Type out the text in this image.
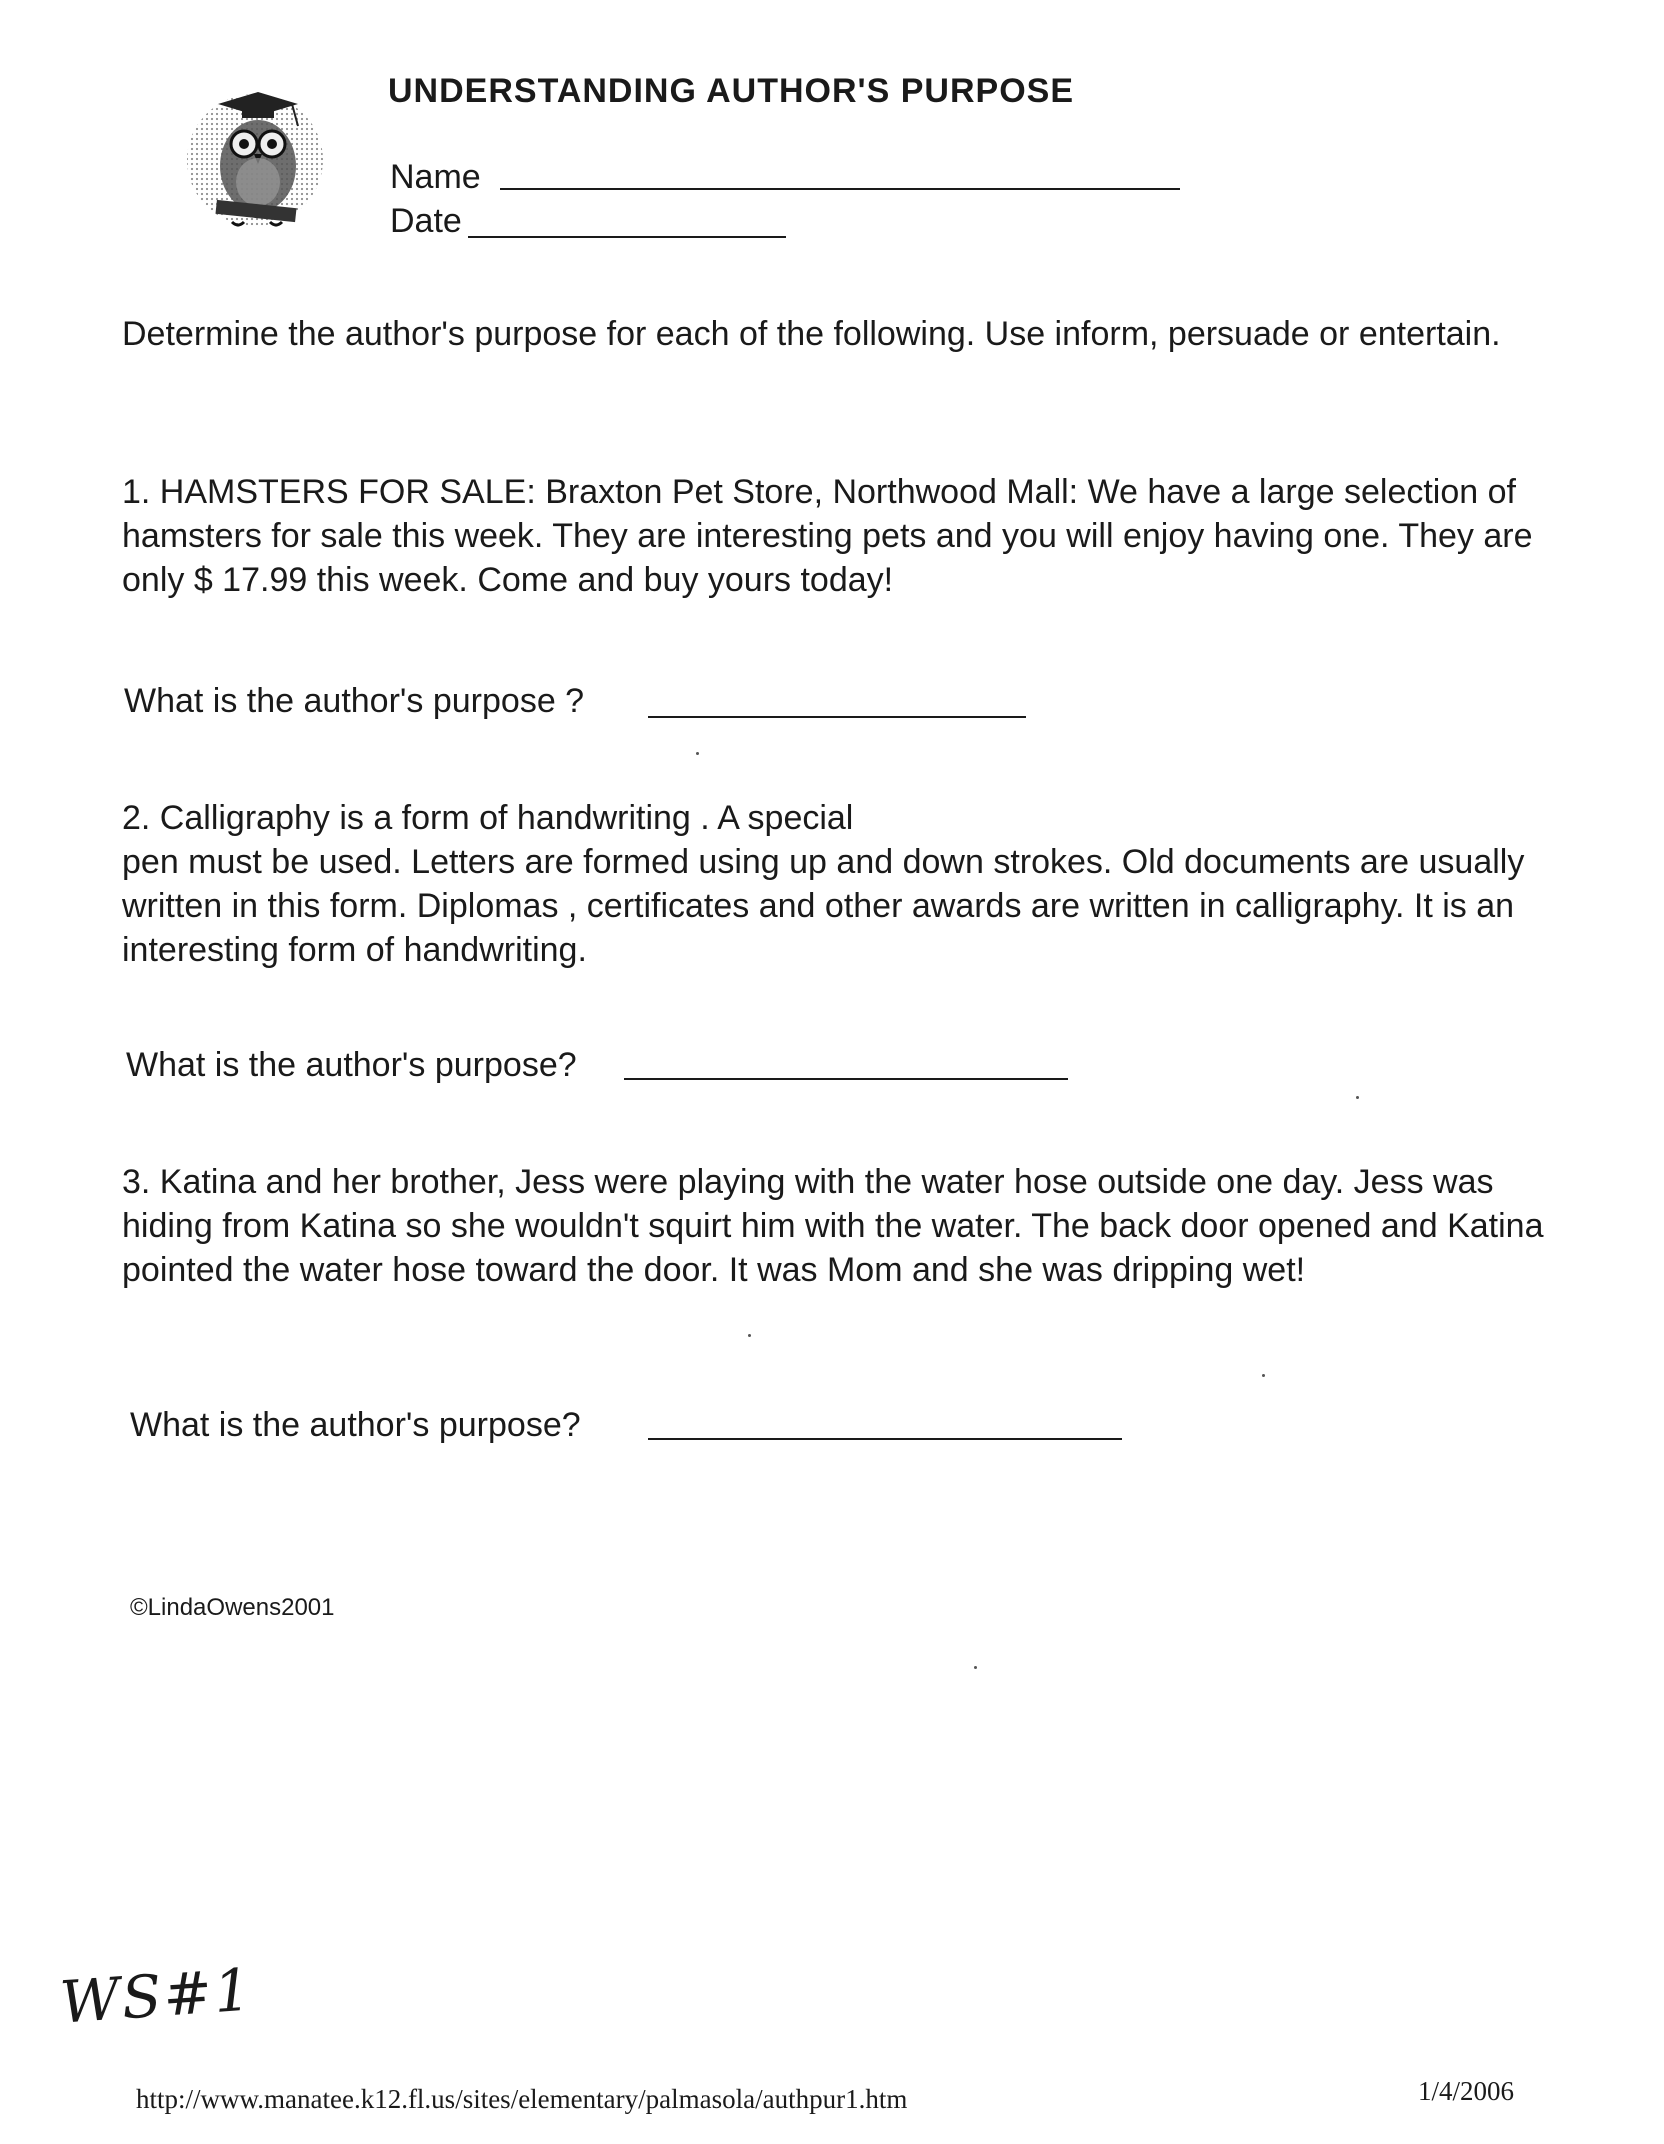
UNDERSTANDING AUTHOR'S PURPOSE
Name
Date
Determine the author's purpose for each of the following. Use inform, persuade or entertain.
1. HAMSTERS FOR SALE: Braxton Pet Store, Northwood Mall: We have a large selection of hamsters for sale this week. They are interesting pets and you will enjoy having one. They are only $ 17.99 this week. Come and buy yours today!
What is the author's purpose ?
2. Calligraphy is a form of handwriting . A special
pen must be used. Letters are formed using up and down strokes. Old documents are usually written in this form. Diplomas , certificates and other awards are written in calligraphy. It is an interesting form of handwriting.
What is the author's purpose?
3. Katina and her brother, Jess were playing with the water hose outside one day. Jess was hiding from Katina so she wouldn't squirt him with the water. The back door opened and Katina pointed the water hose toward the door. It was Mom and she was dripping wet!
What is the author's purpose?
©LindaOwens2001
WS#1
http://www.manatee.k12.fl.us/sites/elementary/palmasola/authpur1.htm	1/4/2006
